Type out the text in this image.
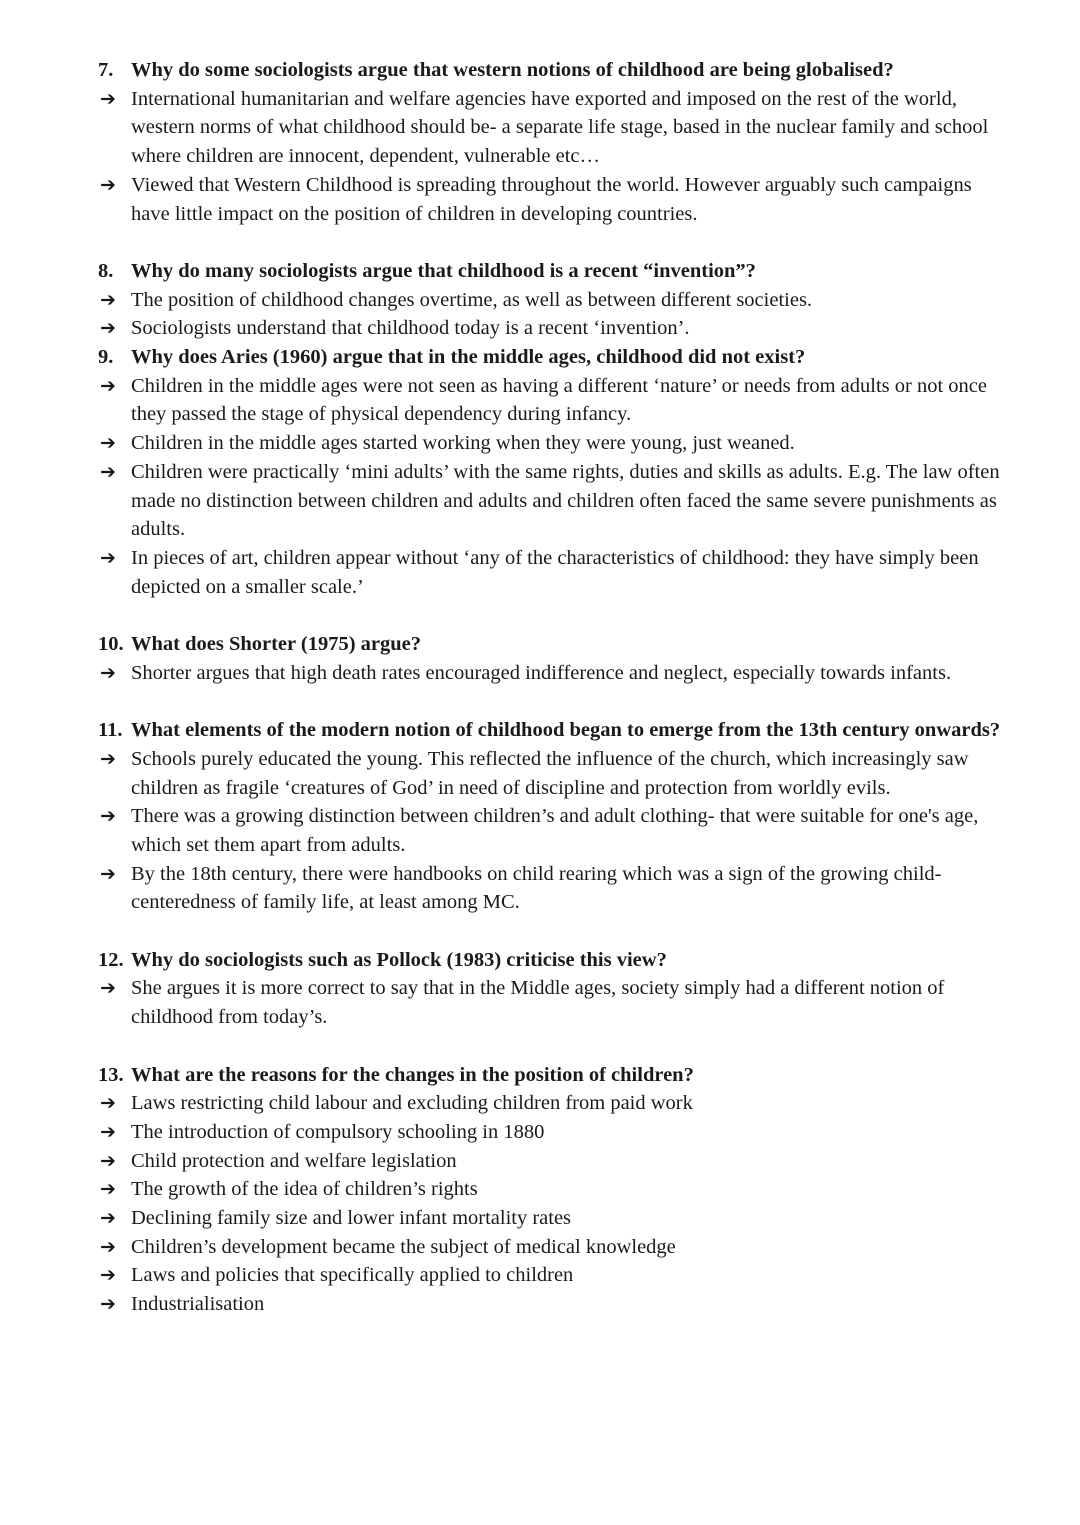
7. Why do some sociologists argue that western notions of childhood are being globalised?
➔ International humanitarian and welfare agencies have exported and imposed on the rest of the world, western norms of what childhood should be- a separate life stage, based in the nuclear family and school where children are innocent, dependent, vulnerable etc…
➔ Viewed that Western Childhood is spreading throughout the world. However arguably such campaigns have little impact on the position of children in developing countries.
8. Why do many sociologists argue that childhood is a recent “invention”?
➔ The position of childhood changes overtime, as well as between different societies.
➔ Sociologists understand that childhood today is a recent ‘invention’.
9. Why does Aries (1960) argue that in the middle ages, childhood did not exist?
➔ Children in the middle ages were not seen as having a different ‘nature’ or needs from adults or not once they passed the stage of physical dependency during infancy.
➔ Children in the middle ages started working when they were young, just weaned.
➔ Children were practically ‘mini adults’ with the same rights, duties and skills as adults. E.g. The law often made no distinction between children and adults and children often faced the same severe punishments as adults.
➔ In pieces of art, children appear without ‘any of the characteristics of childhood: they have simply been depicted on a smaller scale.’
10. What does Shorter (1975) argue?
➔ Shorter argues that high death rates encouraged indifference and neglect, especially towards infants.
11. What elements of the modern notion of childhood began to emerge from the 13th century onwards?
➔ Schools purely educated the young. This reflected the influence of the church, which increasingly saw children as fragile ‘creatures of God’ in need of discipline and protection from worldly evils.
➔ There was a growing distinction between children’s and adult clothing- that were suitable for one's age, which set them apart from adults.
➔ By the 18th century, there were handbooks on child rearing which was a sign of the growing child-centeredness of family life, at least among MC.
12. Why do sociologists such as Pollock (1983) criticise this view?
➔ She argues it is more correct to say that in the Middle ages, society simply had a different notion of childhood from today’s.
13. What are the reasons for the changes in the position of children?
➔ Laws restricting child labour and excluding children from paid work
➔ The introduction of compulsory schooling in 1880
➔ Child protection and welfare legislation
➔ The growth of the idea of children’s rights
➔ Declining family size and lower infant mortality rates
➔ Children’s development became the subject of medical knowledge
➔ Laws and policies that specifically applied to children
➔ Industrialisation
